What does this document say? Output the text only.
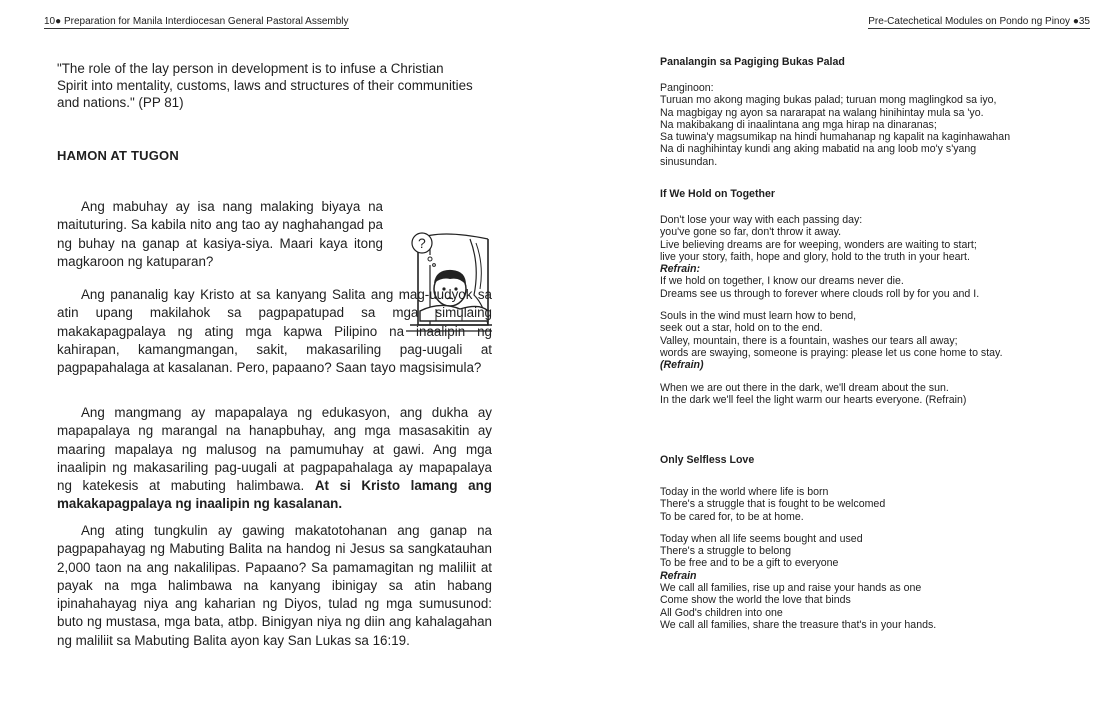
10● Preparation for Manila Interdiocesan General Pastoral Assembly

"The role of the lay person in development is to infuse a Christian Spirit into mentality, customs, laws and structures of their communities and nations." (PP 81)

HAMON AT TUGON

Ang mabuhay ay isa nang malaking biyaya na maituturing. Sa kabila nito ang tao ay naghahangad pa ng buhay na ganap at kasiya-siya. Maari kaya itong magkaroon ng katuparan?

?

Ang pananalig kay Kristo at sa kanyang Salita ang mag-uudyok sa atin upang makilahok sa pagpapatupad sa mga simulaing makakapagpalaya ng ating mga kapwa Pilipino na inaalipin ng kahirapan, kamangmangan, sakit, makasariling pag-uugali at pagpapahalaga at kasalanan. Pero, papaano? Saan tayo magsisimula?

Ang mangmang ay mapapalaya ng edukasyon, ang dukha ay mapapalaya ng marangal na hanapbuhay, ang mga masasakitin ay maaring mapalaya ng malusog na pamumuhay at gawi. Ang mga inaalipin ng makasariling pag-uugali at pagpapahalaga ay mapapalaya ng katekesis at mabuting halimbawa. At si Kristo lamang ang makakapagpalaya ng inaalipin ng kasalanan.

Ang ating tungkulin ay gawing makatotohanan ang ganap na pagpapahayag ng Mabuting Balita na handog ni Jesus sa sangkatauhan 2,000 taon na ang nakalilipas. Papaano? Sa pamamagitan ng maliliit at payak na mga halimbawa na kanyang ibinigay sa atin habang ipinahahayag niya ang kaharian ng Diyos, tulad ng mga sumusunod: buto ng mustasa, mga bata, atbp. Binigyan niya ng diin ang kahalagahan ng maliliit sa Mabuting Balita ayon kay San Lukas sa 16:19.

Pre-Catechetical Modules on Pondo ng Pinoy ●35
Panalangin sa Pagiging Bukas Palad
Panginoon:
Turuan mo akong maging bukas palad; turuan mong maglingkod sa iyo,
Na magbigay ng ayon sa nararapat na walang hinihintay mula sa 'yo.
Na makibakang di inaalintana ang mga hirap na dinaranas;
Sa tuwina'y magsumikap na hindi humahanap ng kapalit na kaginhawahan
Na di naghihintay kundi ang aking mabatid na ang loob mo'y s'yang
sinusundan.
If We Hold on Together
Don't lose your way with each passing day:
you've gone so far, don't throw it away.
Live believing dreams are for weeping, wonders are waiting to start;
live your story, faith, hope and glory, hold to the truth in your heart.
Refrain:
If we hold on together, I know our dreams never die.
Dreams see us through to forever where clouds roll by for you and I.
Souls in the wind must learn how to bend,
seek out a star, hold on to the end.
Valley, mountain, there is a fountain, washes our tears all away;
words are swaying, someone is praying: please let us cone home to stay.
(Refrain)
When we are out there in the dark, we'll dream about the sun.
In the dark we'll feel the light warm our hearts everyone. (Refrain)
Only Selfless Love
Today in the world where life is born
There's a struggle that is fought to be welcomed
To be cared for, to be at home.
Today when all life seems bought and used
There's a struggle to belong
To be free and to be a gift to everyone
Refrain
We call all families, rise up and raise your hands as one
Come show the world the love that binds
All God's children into one
We call all families, share the treasure that's in your hands.
